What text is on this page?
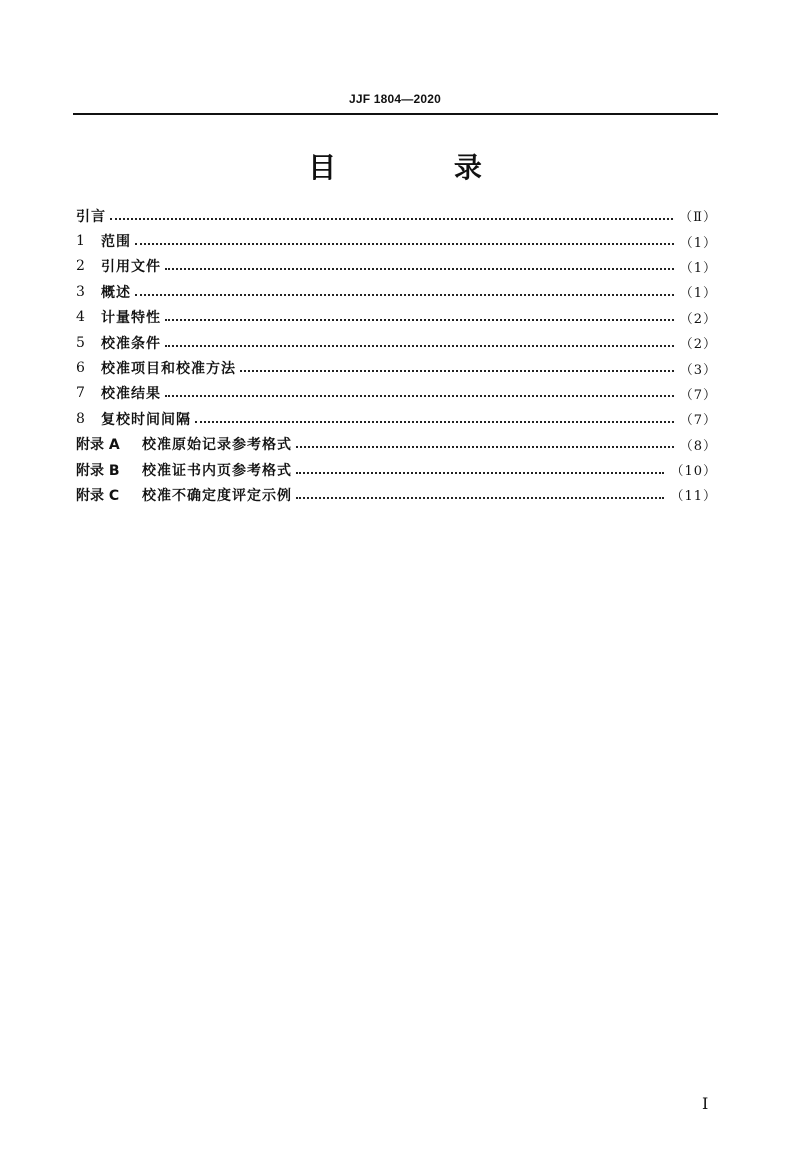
JJF 1804—2020
目 录
引言	（Ⅱ）
1	范围	（1）
2	引用文件	（1）
3	概述	（1）
4	计量特性	（2）
5	校准条件	（2）
6	校准项目和校准方法	（3）
7	校准结果	（7）
8	复校时间间隔	（7）
附录 A	校准原始记录参考格式	（8）
附录 B	校准证书内页参考格式	（10）
附录 C	校准不确定度评定示例	（11）
I
